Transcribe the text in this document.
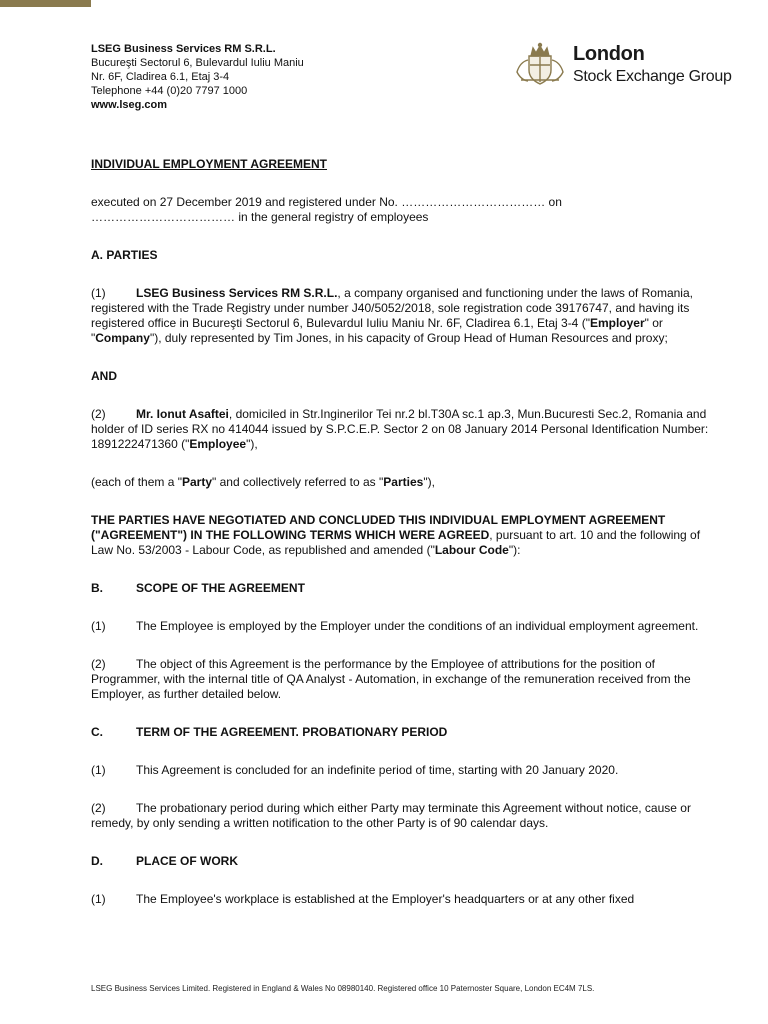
LSEG Business Services RM S.R.L.
Bucureşti Sectorul 6, Bulevardul Iuliu Maniu
Nr. 6F, Cladirea 6.1, Etaj 3-4
Telephone +44 (0)20 7797 1000
www.lseg.com
London
Stock Exchange Group

INDIVIDUAL EMPLOYMENT AGREEMENT

executed on 27 December 2019 and registered under No. ……………………………… on
……………………………… in the general registry of employees

A. PARTIES

(1)	LSEG Business Services RM S.R.L., a company organised and functioning under the laws of Romania, registered with the Trade Registry under number J40/5052/2018, sole registration code 39176747, and having its registered office in Bucureşti Sectorul 6, Bulevardul Iuliu Maniu Nr. 6F, Cladirea 6.1, Etaj 3-4 ("Employer" or "Company"), duly represented by Tim Jones, in his capacity of Group Head of Human Resources and proxy;

AND

(2)	Mr. Ionut Asaftei, domiciled in Str.Inginerilor Tei nr.2 bl.T30A sc.1 ap.3, Mun.Bucuresti Sec.2, Romania and holder of ID series RX no 414044 issued by S.P.C.E.P. Sector 2 on 08 January 2014 Personal Identification Number: 1891222471360 ("Employee"),

(each of them a "Party" and collectively referred to as "Parties"),

THE PARTIES HAVE NEGOTIATED AND CONCLUDED THIS INDIVIDUAL EMPLOYMENT AGREEMENT ("AGREEMENT") IN THE FOLLOWING TERMS WHICH WERE AGREED, pursuant to art. 10 and the following of Law No. 53/2003 - Labour Code, as republished and amended ("Labour Code"):

B.	SCOPE OF THE AGREEMENT

(1)	The Employee is employed by the Employer under the conditions of an individual employment agreement.

(2)	The object of this Agreement is the performance by the Employee of attributions for the position of Programmer, with the internal title of QA Analyst - Automation, in exchange of the remuneration received from the Employer, as further detailed below.

C.	TERM OF THE AGREEMENT. PROBATIONARY PERIOD

(1)	This Agreement is concluded for an indefinite period of time, starting with 20 January 2020.

(2)	The probationary period during which either Party may terminate this Agreement without notice, cause or remedy, by only sending a written notification to the other Party is of 90 calendar days.

D.	PLACE OF WORK

(1)	The Employee's workplace is established at the Employer's headquarters or at any other fixed

LSEG Business Services Limited. Registered in England & Wales No 08980140. Registered office 10 Paternoster Square, London EC4M 7LS.
